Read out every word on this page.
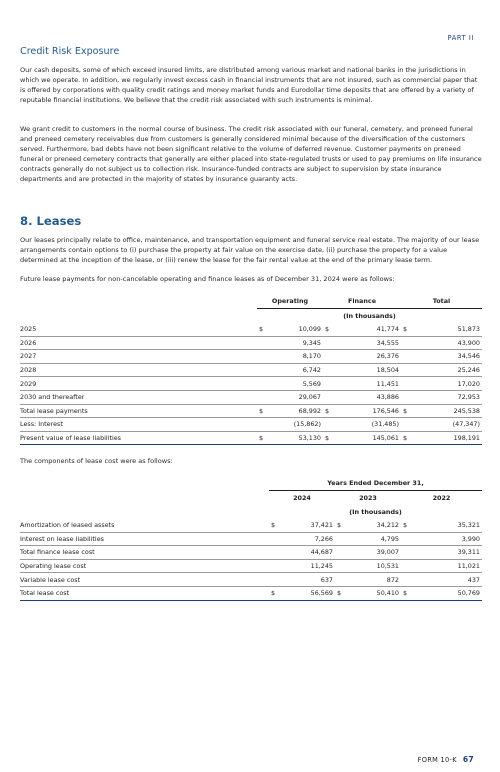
PART II
Credit Risk Exposure
Our cash deposits, some of which exceed insured limits, are distributed among various market and national banks in the jurisdictions in which we operate. In addition, we regularly invest excess cash in financial instruments that are not insured, such as commercial paper that is offered by corporations with quality credit ratings and money market funds and Eurodollar time deposits that are offered by a variety of reputable financial institutions. We believe that the credit risk associated with such instruments is minimal.
We grant credit to customers in the normal course of business. The credit risk associated with our funeral, cemetery, and preneed funeral and preneed cemetery receivables due from customers is generally considered minimal because of the diversification of the customers served. Furthermore, bad debts have not been significant relative to the volume of deferred revenue. Customer payments on preneed funeral or preneed cemetery contracts that generally are either placed into state-regulated trusts or used to pay premiums on life insurance contracts generally do not subject us to collection risk. Insurance-funded contracts are subject to supervision by state insurance departments and are protected in the majority of states by insurance guaranty acts.
8. Leases
Our leases principally relate to office, maintenance, and transportation equipment and funeral service real estate. The majority of our lease arrangements contain options to (i) purchase the property at fair value on the exercise date, (ii) purchase the property for a value determined at the inception of the lease, or (iii) renew the lease for the fair rental value at the end of the primary lease term.
Future lease payments for non-cancelable operating and finance leases as of December 31, 2024 were as follows:
	Operating		Finance		Total	
	(In thousands)					
2025	$	10,099	$	41,774	$	51,873
2026		9,345		34,555		43,900
2027		8,170		26,376		34,546
2028		6,742		18,504		25,246
2029		5,569		11,451		17,020
2030 and thereafter		29,067		43,886		72,953
Total lease payments	$	68,992	$	176,546	$	245,538
Less: Interest		(15,862)		(31,485)		(47,347)
Present value of lease liabilities	$	53,130	$	145,061	$	198,191
	Years Ended December 31,					
	2024		2023		2022	
	(In thousands)					
Amortization of leased assets	$	37,421	$	34,212	$	35,321
Interest on lease liabilities		7,266		4,795		3,990
Total finance lease cost		44,687		39,007		39,311
Operating lease cost		11,245		10,531		11,021
Variable lease cost		637		872		437
Total lease cost	$	56,569	$	50,410	$	50,769
The components of lease cost were as follows:
FORM 10-K 67
